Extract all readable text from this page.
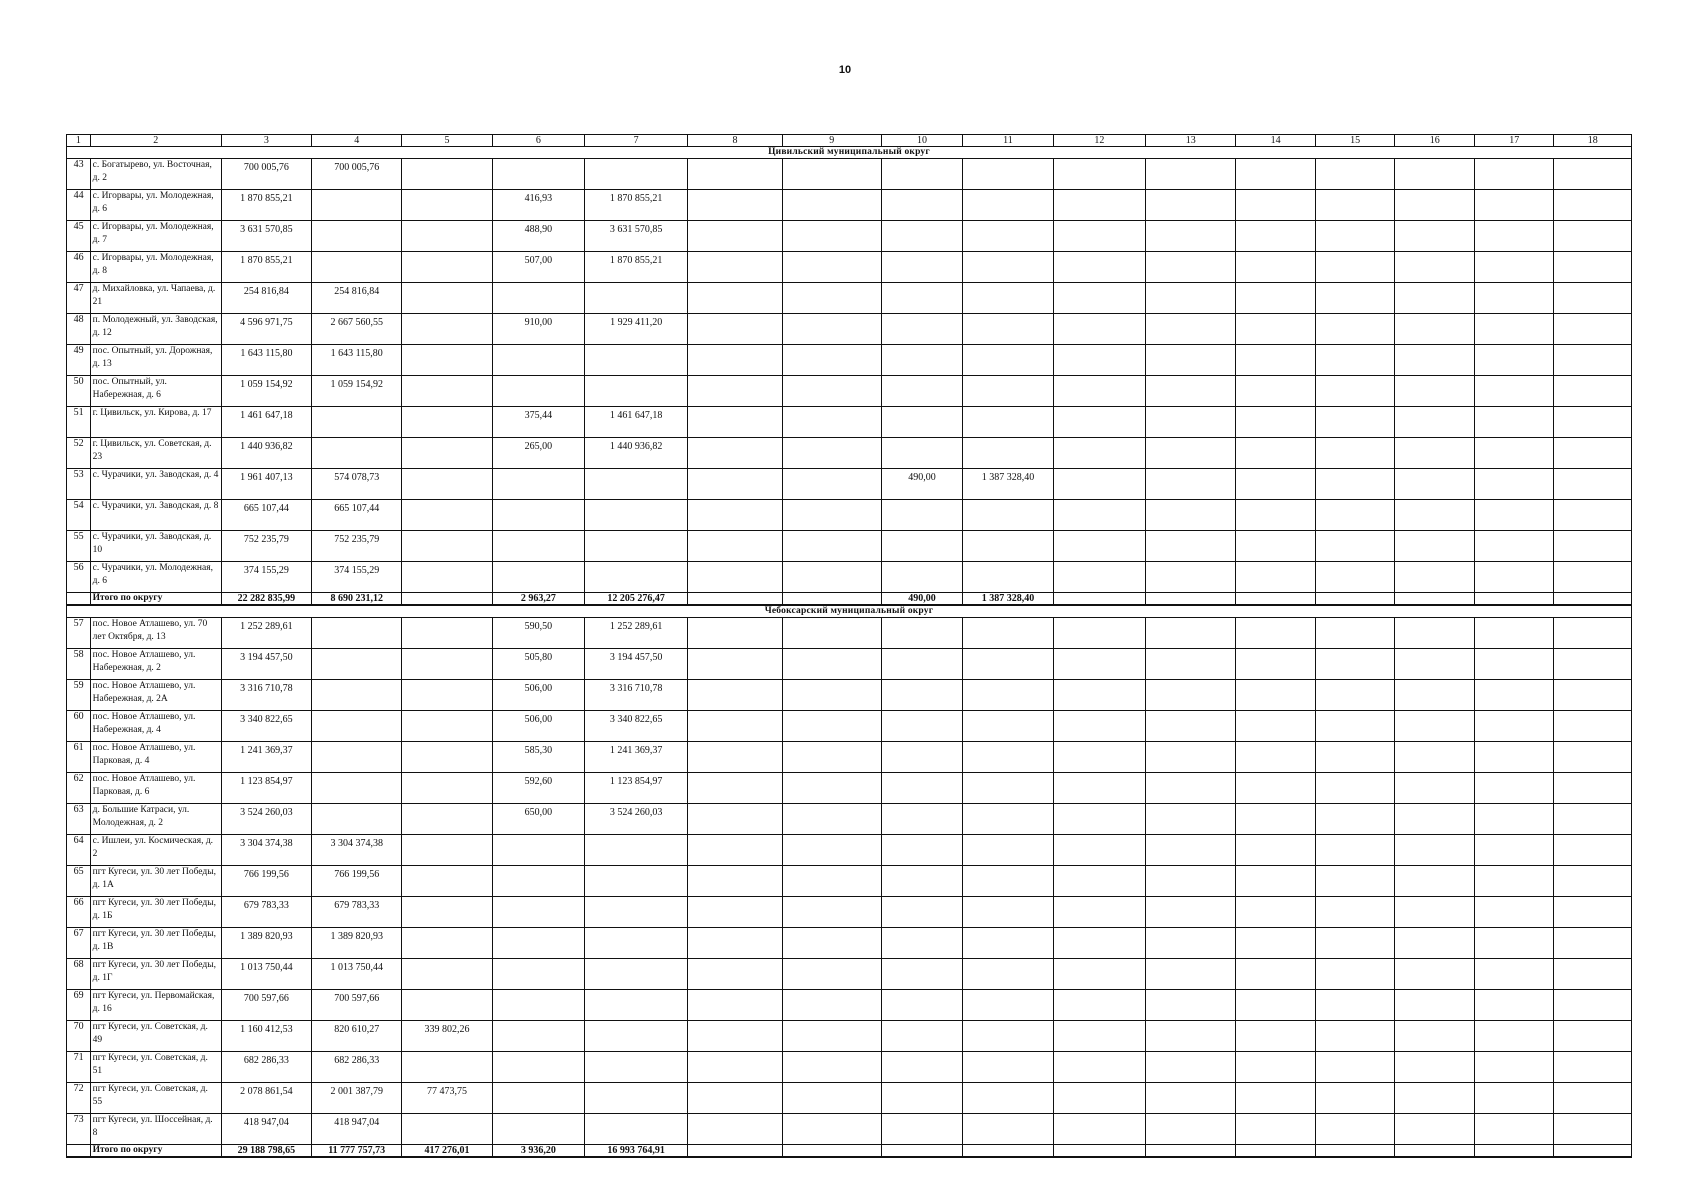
10
1	2	3	4	5	6	7	8	9	10	11	12	13	14	15	16	17	18
Цивильский муниципальный округ																	
43	с. Богатырево, ул. Восточная, д. 2	700 005,76	700 005,76														
44	с. Игорвары, ул. Молодежная, д. 6	1 870 855,21			416,93	1 870 855,21											
45	с. Игорвары, ул. Молодежная, д. 7	3 631 570,85			488,90	3 631 570,85											
46	с. Игорвары, ул. Молодежная, д. 8	1 870 855,21			507,00	1 870 855,21											
47	д. Михайловка, ул. Чапаева, д. 21	254 816,84	254 816,84														
48	п. Молодежный, ул. Заводская, д. 12	4 596 971,75	2 667 560,55		910,00	1 929 411,20											
49	пос. Опытный, ул. Дорожная, д. 13	1 643 115,80	1 643 115,80														
50	пос. Опытный, ул. Набережная, д. 6	1 059 154,92	1 059 154,92														
51	г. Цивильск, ул. Кирова, д. 17	1 461 647,18			375,44	1 461 647,18											
52	г. Цивильск, ул. Советская, д. 23	1 440 936,82			265,00	1 440 936,82											
53	с. Чурачики, ул. Заводская, д. 4	1 961 407,13	574 078,73						490,00	1 387 328,40							
54	с. Чурачики, ул. Заводская, д. 8	665 107,44	665 107,44														
55	с. Чурачики, ул. Заводская, д. 10	752 235,79	752 235,79														
56	с. Чурачики, ул. Молодежная, д. 6	374 155,29	374 155,29														
	Итого по округу	22 282 835,99	8 690 231,12		2 963,27	12 205 276,47			490,00	1 387 328,40							
Чебоксарский муниципальный округ																	
57	пос. Новое Атлашево, ул. 70 лет Октября, д. 13	1 252 289,61			590,50	1 252 289,61											
58	пос. Новое Атлашево, ул. Набережная, д. 2	3 194 457,50			505,80	3 194 457,50											
59	пос. Новое Атлашево, ул. Набережная, д. 2А	3 316 710,78			506,00	3 316 710,78											
60	пос. Новое Атлашево, ул. Набережная, д. 4	3 340 822,65			506,00	3 340 822,65											
61	пос. Новое Атлашево, ул. Парковая, д. 4	1 241 369,37			585,30	1 241 369,37											
62	пос. Новое Атлашево, ул. Парковая, д. 6	1 123 854,97			592,60	1 123 854,97											
63	д. Большие Катраси, ул. Молодежная, д. 2	3 524 260,03			650,00	3 524 260,03											
64	с. Ишлеи, ул. Космическая, д. 2	3 304 374,38	3 304 374,38														
65	пгт Кугеси, ул. 30 лет Победы, д. 1А	766 199,56	766 199,56														
66	пгт Кугеси, ул. 30 лет Победы, д. 1Б	679 783,33	679 783,33														
67	пгт Кугеси, ул. 30 лет Победы, д. 1В	1 389 820,93	1 389 820,93														
68	пгт Кугеси, ул. 30 лет Победы, д. 1Г	1 013 750,44	1 013 750,44														
69	пгт Кугеси, ул. Первомайская, д. 16	700 597,66	700 597,66														
70	пгт Кугеси, ул. Советская, д. 49	1 160 412,53	820 610,27	339 802,26													
71	пгт Кугеси, ул. Советская, д. 51	682 286,33	682 286,33														
72	пгт Кугеси, ул. Советская, д. 55	2 078 861,54	2 001 387,79	77 473,75													
73	пгт Кугеси, ул. Шоссейная, д. 8	418 947,04	418 947,04														
	Итого по округу	29 188 798,65	11 777 757,73	417 276,01	3 936,20	16 993 764,91											
